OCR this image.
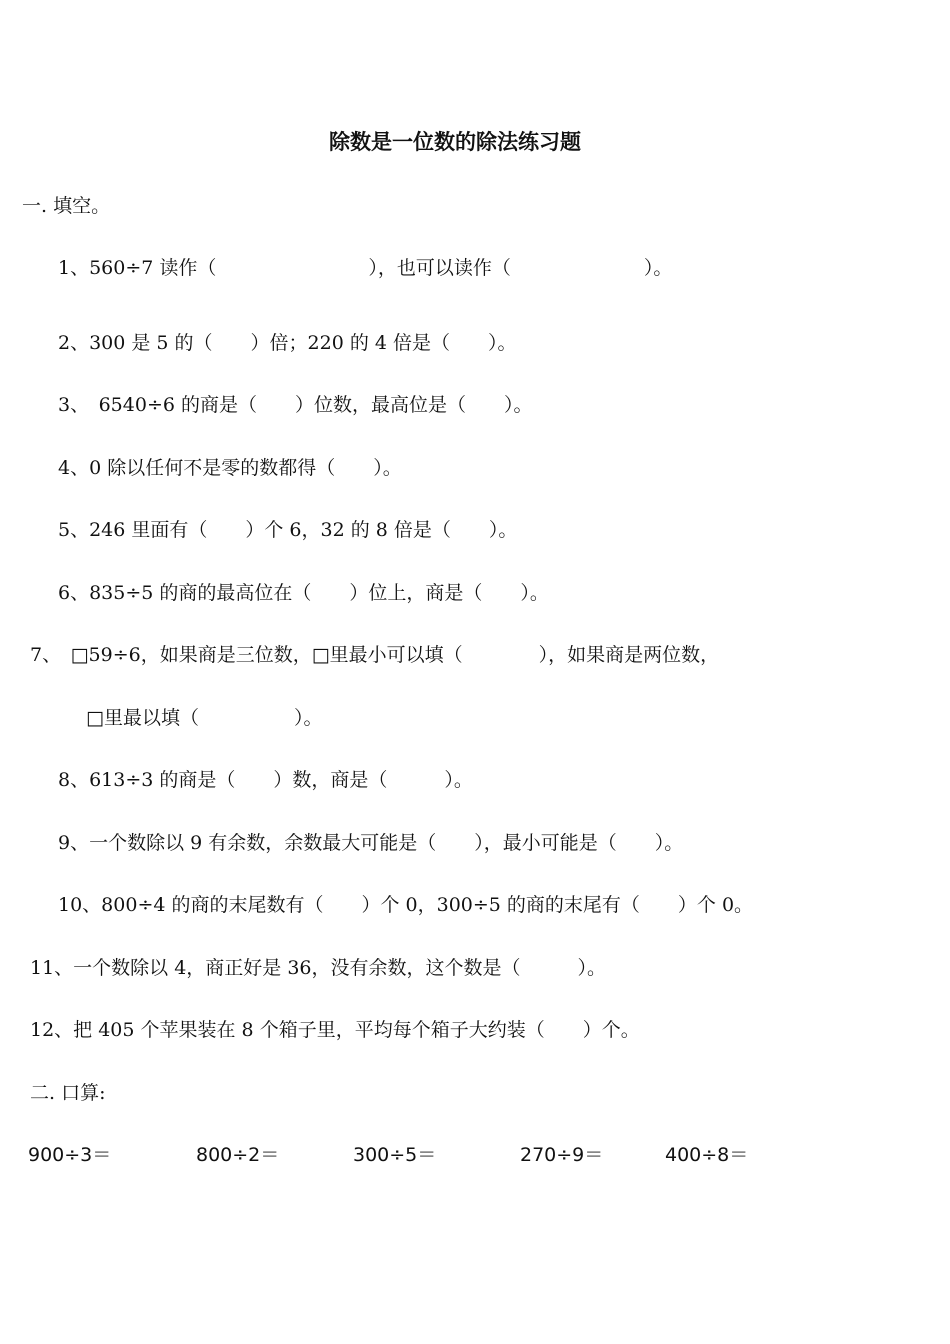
除数是一位数的除法练习题
一. 填空。
1、560÷7 读作（　　　　　　　　），也可以读作（　　　　　　　）。
2、300 是 5 的（　　）倍；220 的 4 倍是（　　）。
3、　6540÷6 的商是（　　）位数，最高位是（　　）。
4、0 除以任何不是零的数都得（　　）。
5、246 里面有（　　）个 6，32 的 8 倍是（　　）。
6、835÷5 的商的最高位在（　　）位上，商是（　　）。
7、　□59÷6，如果商是三位数，□里最小可以填（　　　　），如果商是两位数，
□里最以填（　　　　　）。
8、613÷3 的商是（　　）数，商是（　　　）。
9、一个数除以 9 有余数，余数最大可能是（　　），最小可能是（　　）。
10、800÷4 的商的末尾数有（　　）个 0，300÷5 的商的末尾有（　　）个 0。
11、一个数除以 4，商正好是 36，没有余数，这个数是（　　　）。
12、把 405 个苹果装在 8 个箱子里，平均每个箱子大约装（　　）个。
二. 口算:
900÷3＝	800÷2＝	300÷5＝	270÷9＝	400÷8＝
